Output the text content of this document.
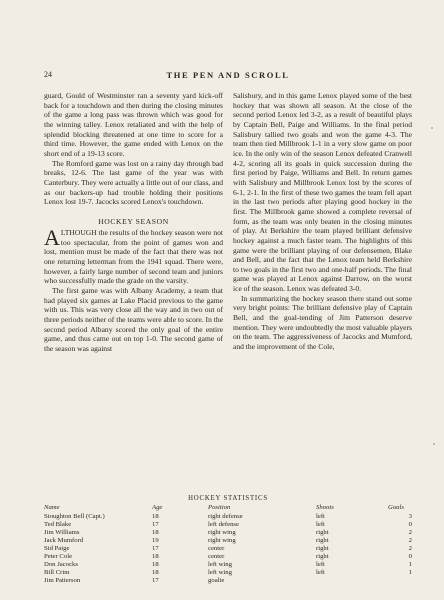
24	THE PEN AND SCROLL

guard, Gould of Westminster ran a seventy yard kick-off back for a touchdown and then during the closing minutes of the game a long pass was thrown which was good for the winning talley. Lenox retaliated and with the help of splendid blocking threatened at one time to score for a third time. However, the game ended with Lenox on the short end of a 19-13 score.

The Romford game was lost on a rainy day through bad breaks, 12-6. The last game of the year was with Canterbury. They were actually a little out of our class, and as our backers-up had trouble holding their positions Lenox lost 19-7. Jacocks scored Lenox's touchdown.

HOCKEY SEASON

ALTHOUGH the results of the hockey season were not too spectacular, from the point of games won and lost, mention must be made of the fact that there was not one returning letterman from the 1941 squad. There were, however, a fairly large number of second team and juniors who successfully made the grade on the varsity.

The first game was with Albany Academy, a team that had played six games at Lake Placid previous to the game with us. This was very close all the way and in two out of three periods neither of the teams were able to score. In the second period Albany scored the only goal of the entire game, and thus came out on top 1-0. The second game of the season was against

Salisbury, and in this game Lenox played some of the best hockey that was shown all season. At the close of the second period Lenox led 3-2, as a result of beautiful plays by Captain Bell, Paige and Williams. In the final period Salisbury tallied two goals and won the game 4-3. The team then tied Millbrook 1-1 in a very slow game on poor ice. In the only win of the season Lenox defeated Cranwell 4-2, scoring all its goals in quick succession during the first period by Paige, Williams and Bell. In return games with Salisbury and Millbrook Lenox lost by the scores of 6-1, 2-1. In the first of these two games the team fell apart in the last two periods after playing good hockey in the first. The Millbrook game showed a complete reversal of form, as the team was only beaten in the closing minutes of play. At Berkshire the team played brilliant defensive hockey against a much faster team. The highlights of this game were the brilliant playing of our defensemen, Blake and Bell, and the fact that the Lenox team held Berkshire to two goals in the first two and one-half periods. The final game was played at Lenox against Darrow, on the worst ice of the season. Lenox was defeated 3-0.

In summarizing the hockey season there stand out some very bright points: The brilliant defensive play of Captain Bell, and the goal-tending of Jim Patterson deserve mention. They were undoubtedly the most valuable players on the team. The aggressiveness of Jacocks and Mumford, and the improvement of the Cole,

HOCKEY STATISTICS
Name	Age	Position	Shoots	Goals
Stoughton Bell (Capt.)	18	right defense	left	3
Ted Blake	17	left defense	left	0
Jim Williams	18	right wing	right	2
Jack Mumford	19	right wing	right	2
Sid Paige	17	center	right	2
Peter Cole	18	center	right	0
Don Jacocks	18	left wing	left	1
Bill Crim	18	left wing	left	1
Jim Patterson	17	goalie		
